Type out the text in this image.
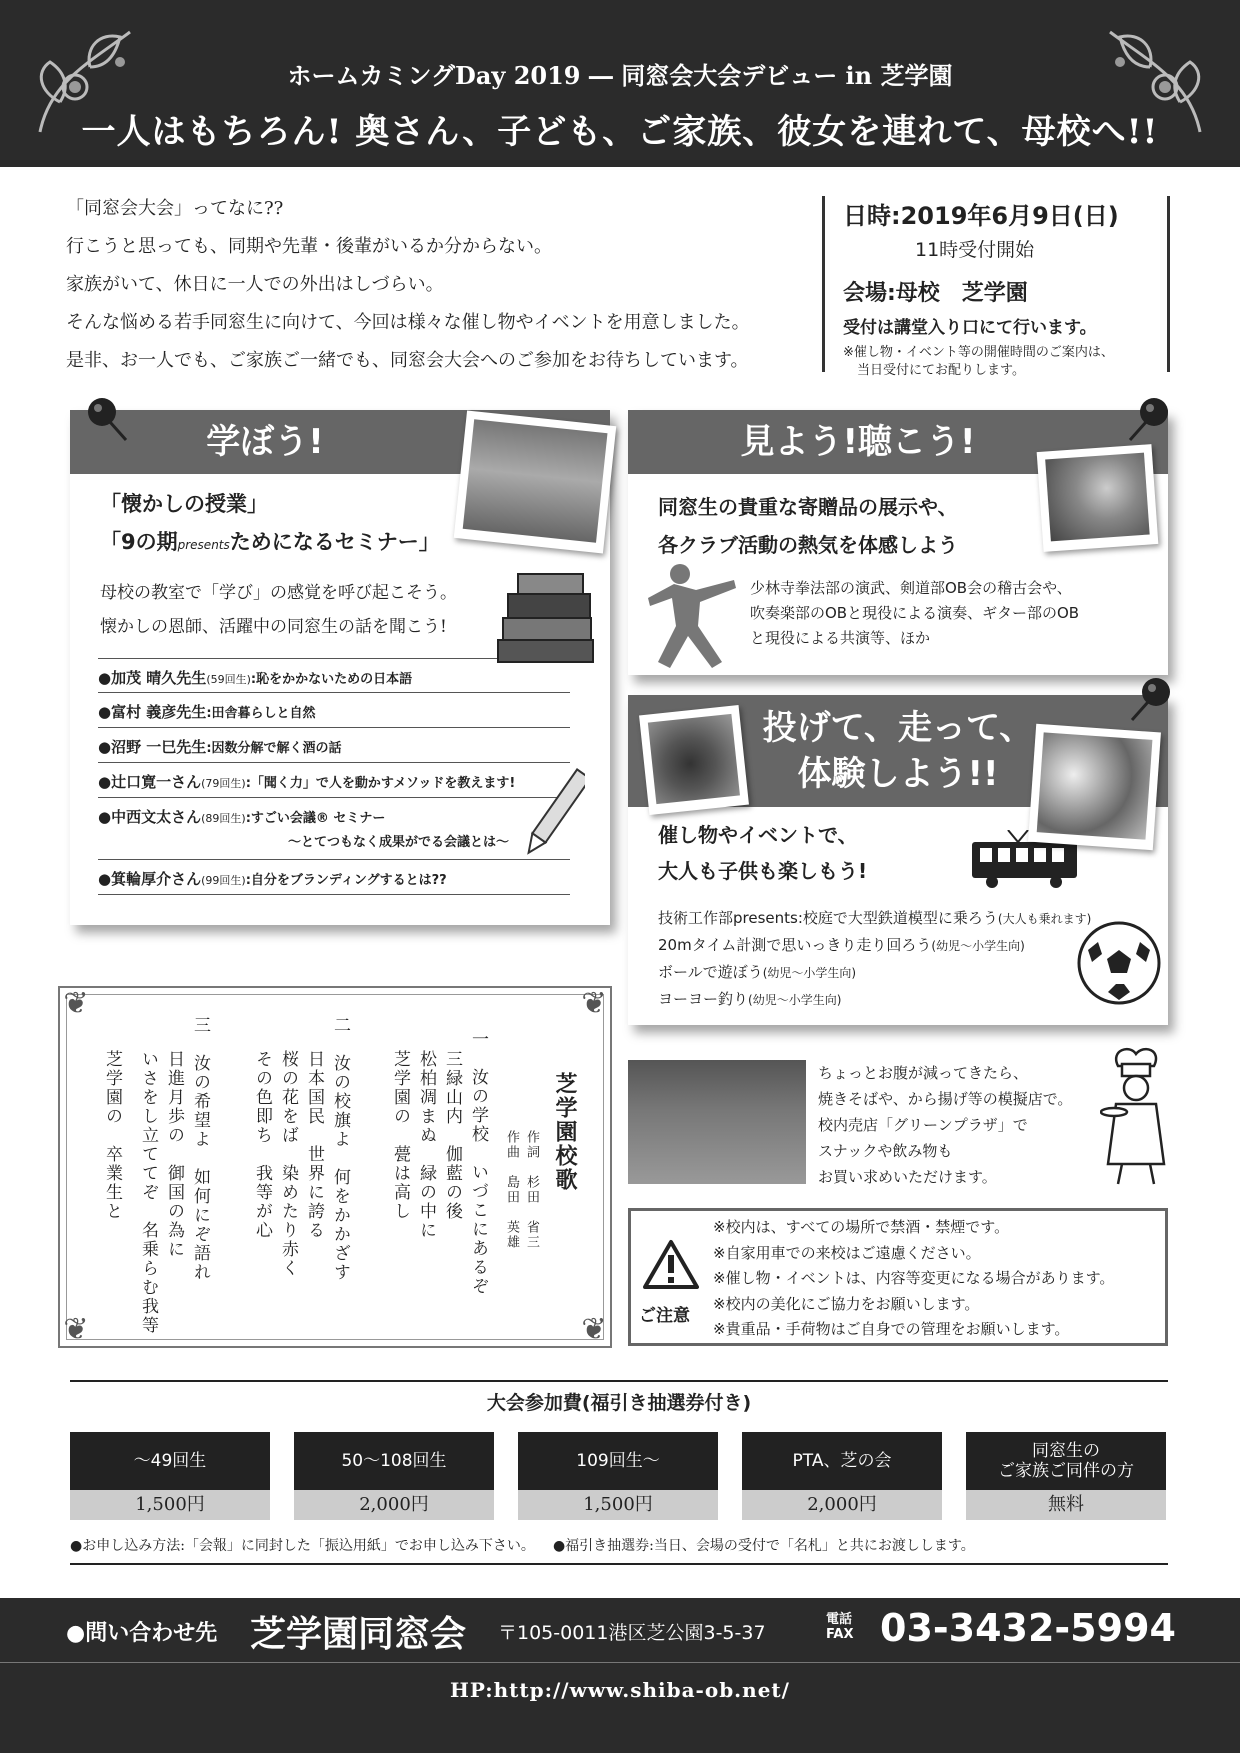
ホームカミングDay 2019 ― 同窓会大会デビュー in 芝学園
一人はもちろん! 奥さん、子ども、ご家族、彼女を連れて、母校へ!!

「同窓会大会」ってなに??

行こうと思っても、同期や先輩・後輩がいるか分からない。

家族がいて、休日に一人での外出はしづらい。

そんな悩める若手同窓生に向けて、今回は様々な催し物やイベントを用意しました。

是非、お一人でも、ご家族ご一緒でも、同窓会大会へのご参加をお待ちしています。

日時:2019年6月9日(日)
11時受付開始
会場:母校　芝学園
受付は講堂入り口にて行います。
※催し物・イベント等の開催時間のご案内は、
当日受付にてお配りします。
学ぼう!
「懐かしの授業」
「9の期presentsためになるセミナー」
母校の教室で「学び」の感覚を呼び起こそう。
懐かしの恩師、活躍中の同窓生の話を聞こう!
●加茂 晴久先生(59回生):恥をかかないための日本語
●富村 義彦先生:田舎暮らしと自然
●沼野 一巳先生:因数分解で解く酒の話
●辻口寛一さん(79回生):「聞く力」で人を動かすメソッドを教えます!
●中西文太さん(89回生):すごい会議® セミナー
〜とてつもなく成果がでる会議とは〜
●箕輪厚介さん(99回生):自分をブランディングするとは??
見よう!聴こう!
同窓生の貴重な寄贈品の展示や、
各クラブ活動の熱気を体感しよう
少林寺拳法部の演武、剣道部OB会の稽古会や、
吹奏楽部のOBと現役による演奏、ギター部のOB
と現役による共演等、ほか
投げて、走って、
体験しよう!!
催し物やイベントで、
大人も子供も楽しもう!
技術工作部presents:校庭で大型鉄道模型に乗ろう(大人も乗れます)
20mタイム計測で思いっきり走り回ろう(幼児〜小学生向)
ボールで遊ぼう(幼児〜小学生向)
ヨーヨー釣り(幼児〜小学生向)
❦	❦
❦	❦
芝学園校歌
作詞　杉田　省三
作曲　島田　英雄
一　汝の学校　いづこにあるぞ
三緑山内　伽藍の後
松柏凋まぬ　緑の中に
芝学園の　甍は高し
二　汝の校旗よ　何をかかざす
日本国民　世界に誇る
桜の花をば　染めたり赤く
その色即ち　我等が心
三　汝の希望よ　如何にぞ語れ
日進月歩の　御国の為に
いさをし立ててぞ　名乗らむ我等
芝学園の　卒業生と	ちょっとお腹が減ってきたら、
焼きそばや、から揚げ等の模擬店で。
校内売店「グリーンプラザ」で
スナックや飲み物も
お買い求めいただけます。
ご注意
※校内は、すべての場所で禁酒・禁煙です。
※自家用車での来校はご遠慮ください。
※催し物・イベントは、内容等変更になる場合があります。
※校内の美化にご協力をお願いします。
※貴重品・手荷物はご自身での管理をお願いします。
大会参加費(福引き抽選券付き)
〜49回生
1,500円
50〜108回生
2,000円
109回生〜
1,500円
PTA、芝の会
2,000円
同窓生の
ご家族ご同伴の方
無料
●お申し込み方法:「会報」に同封した「振込用紙」でお申し込み下さい。 ●福引き抽選券:当日、会場の受付で「名札」と共にお渡しします。
●問い合わせ先 芝学園同窓会 〒105-0011港区芝公園3-5-37
電話
FAX 03-3432-5994
HP:http://www.shiba-ob.net/
